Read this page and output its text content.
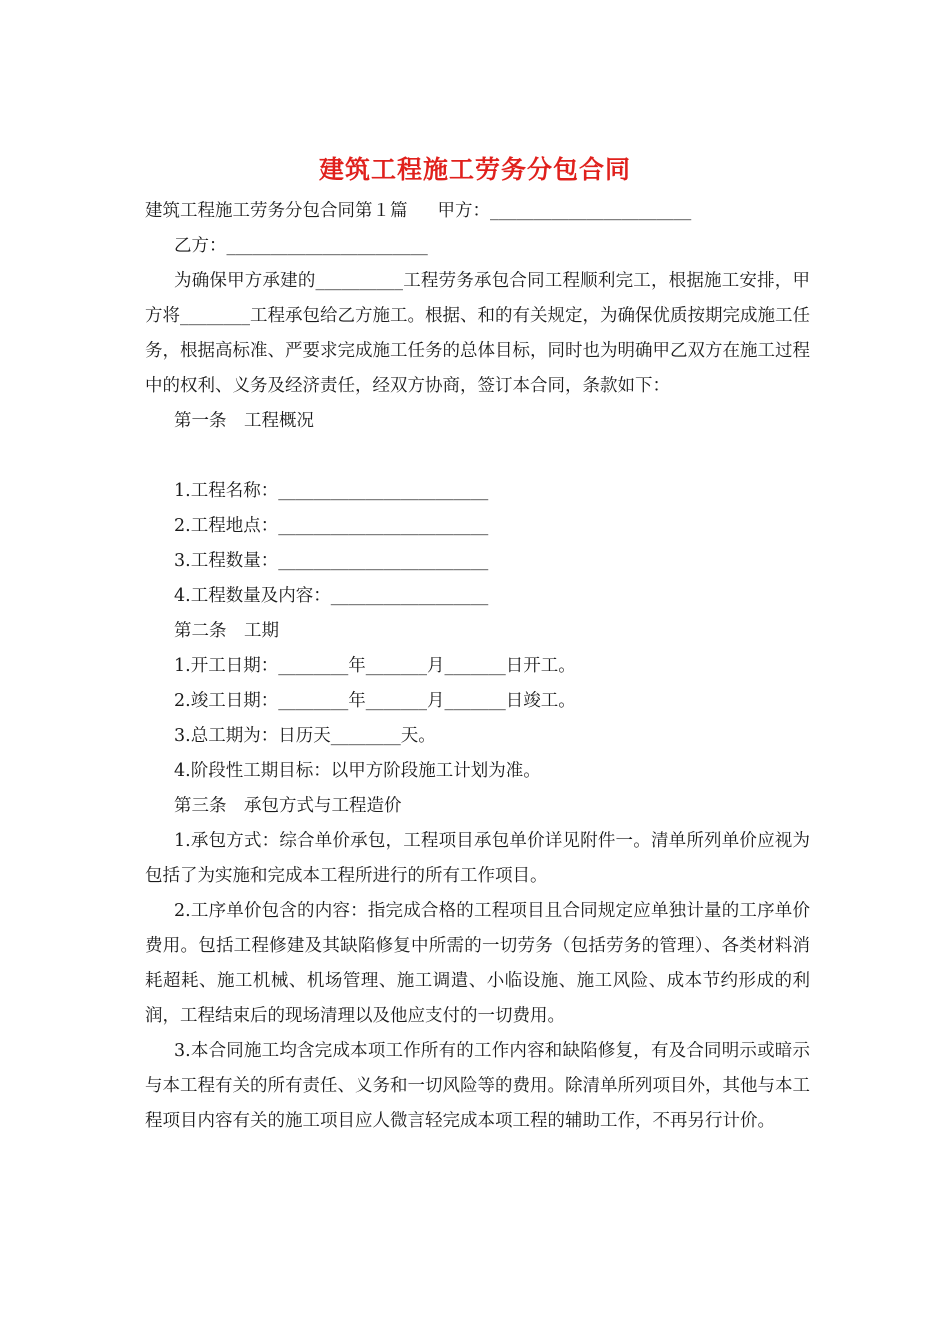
建筑工程施工劳务分包合同
建筑工程施工劳务分包合同第１篇 甲方：_______________________
乙方：_______________________
为确保甲方承建的__________工程劳务承包合同工程顺利完工，根据施工安排，甲方将________工程承包给乙方施工。根据、和的有关规定，为确保优质按期完成施工任务，根据高标准、严要求完成施工任务的总体目标，同时也为明确甲乙双方在施工过程中的权利、义务及经济责任，经双方协商，签订本合同，条款如下：
第一条　工程概况
1.工程名称：________________________
2.工程地点：________________________
3.工程数量：________________________
4.工程数量及内容：__________________
第二条　工期
1.开工日期：________年_______月_______日开工。
2.竣工日期：________年_______月_______日竣工。
3.总工期为：日历天________天。
4.阶段性工期目标：以甲方阶段施工计划为准。
第三条　承包方式与工程造价
1.承包方式：综合单价承包，工程项目承包单价详见附件一。清单所列单价应视为包括了为实施和完成本工程所进行的所有工作项目。
2.工序单价包含的内容：指完成合格的工程项目且合同规定应单独计量的工序单价费用。包括工程修建及其缺陷修复中所需的一切劳务（包括劳务的管理）、各类材料消耗超耗、施工机械、机场管理、施工调遣、小临设施、施工风险、成本节约形成的利润，工程结束后的现场清理以及他应支付的一切费用。
3.本合同施工均含完成本项工作所有的工作内容和缺陷修复，有及合同明示或暗示与本工程有关的所有责任、义务和一切风险等的费用。除清单所列项目外，其他与本工程项目内容有关的施工项目应人微言轻完成本项工程的辅助工作，不再另行计价。
